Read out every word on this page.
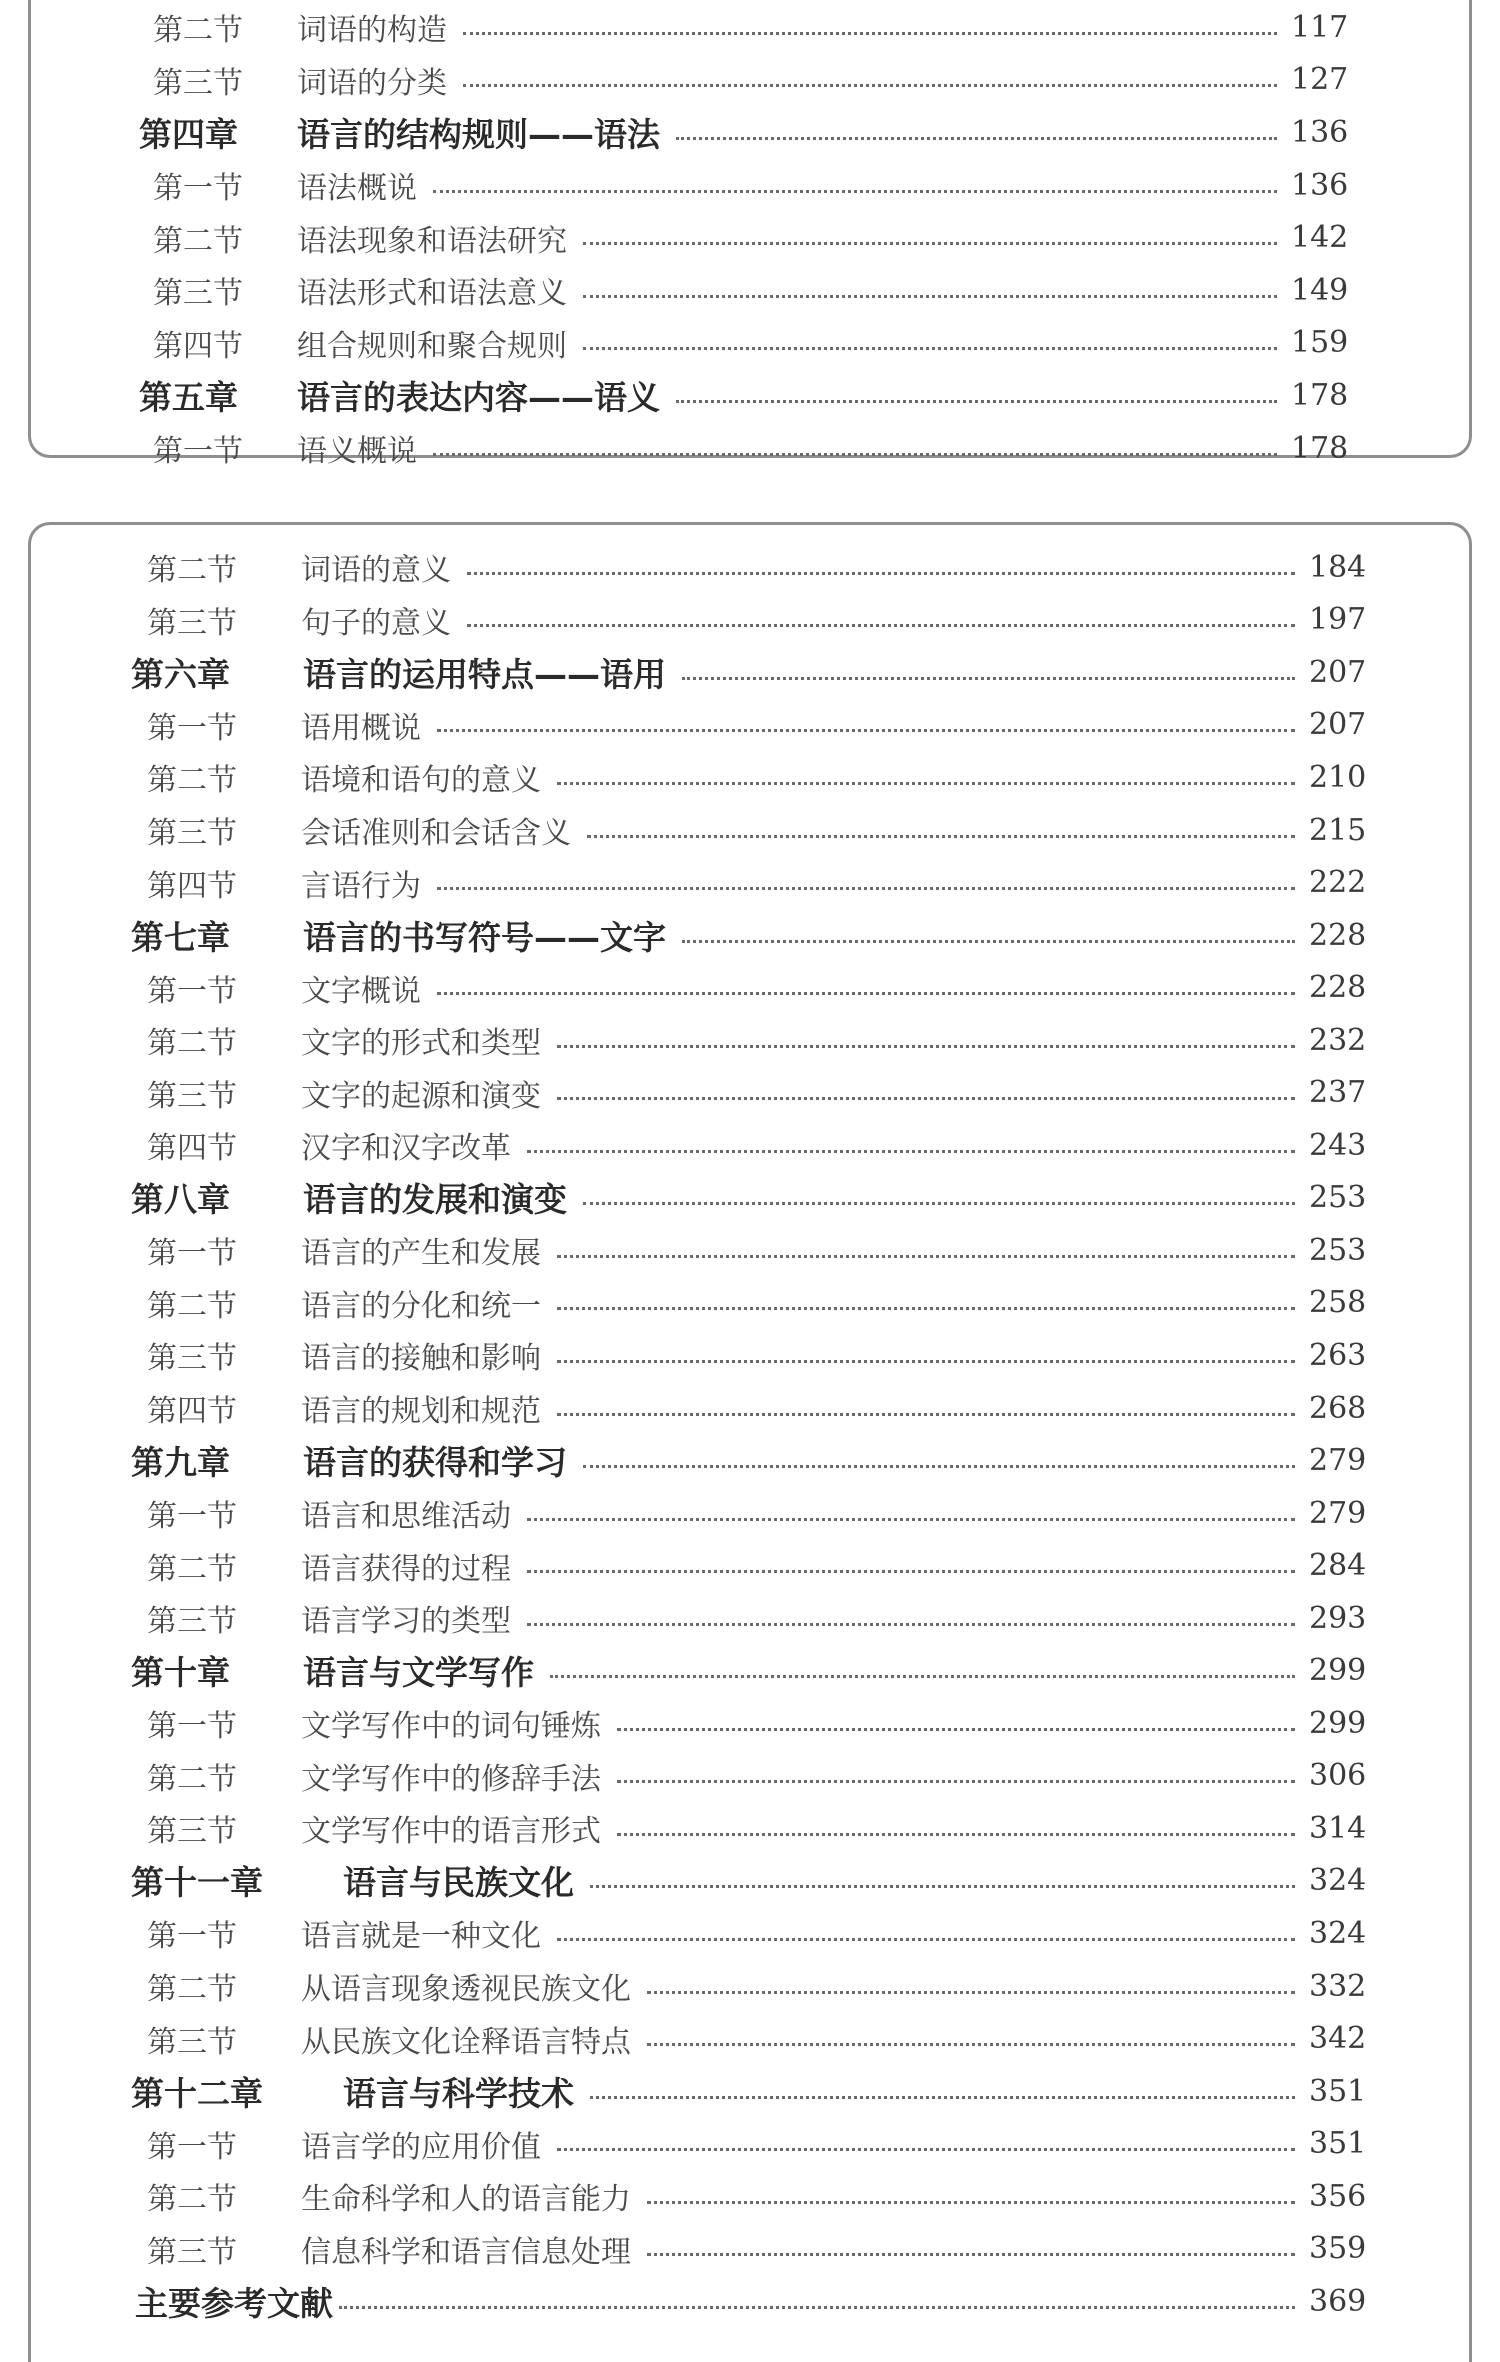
第二节	词语的构造	117
第三节	词语的分类	127
第四章	语言的结构规则——语法	136
第一节	语法概说	136
第二节	语法现象和语法研究	142
第三节	语法形式和语法意义	149
第四节	组合规则和聚合规则	159
第五章	语言的表达内容——语义	178
第一节	语义概说	178
第二节	词语的意义	184
第三节	句子的意义	197
第六章	语言的运用特点——语用	207
第一节	语用概说	207
第二节	语境和语句的意义	210
第三节	会话准则和会话含义	215
第四节	言语行为	222
第七章	语言的书写符号——文字	228
第一节	文字概说	228
第二节	文字的形式和类型	232
第三节	文字的起源和演变	237
第四节	汉字和汉字改革	243
第八章	语言的发展和演变	253
第一节	语言的产生和发展	253
第二节	语言的分化和统一	258
第三节	语言的接触和影响	263
第四节	语言的规划和规范	268
第九章	语言的获得和学习	279
第一节	语言和思维活动	279
第二节	语言获得的过程	284
第三节	语言学习的类型	293
第十章	语言与文学写作	299
第一节	文学写作中的词句锤炼	299
第二节	文学写作中的修辞手法	306
第三节	文学写作中的语言形式	314
第十一章	语言与民族文化	324
第一节	语言就是一种文化	324
第二节	从语言现象透视民族文化	332
第三节	从民族文化诠释语言特点	342
第十二章	语言与科学技术	351
第一节	语言学的应用价值	351
第二节	生命科学和人的语言能力	356
第三节	信息科学和语言信息处理	359
主要参考文献	369
